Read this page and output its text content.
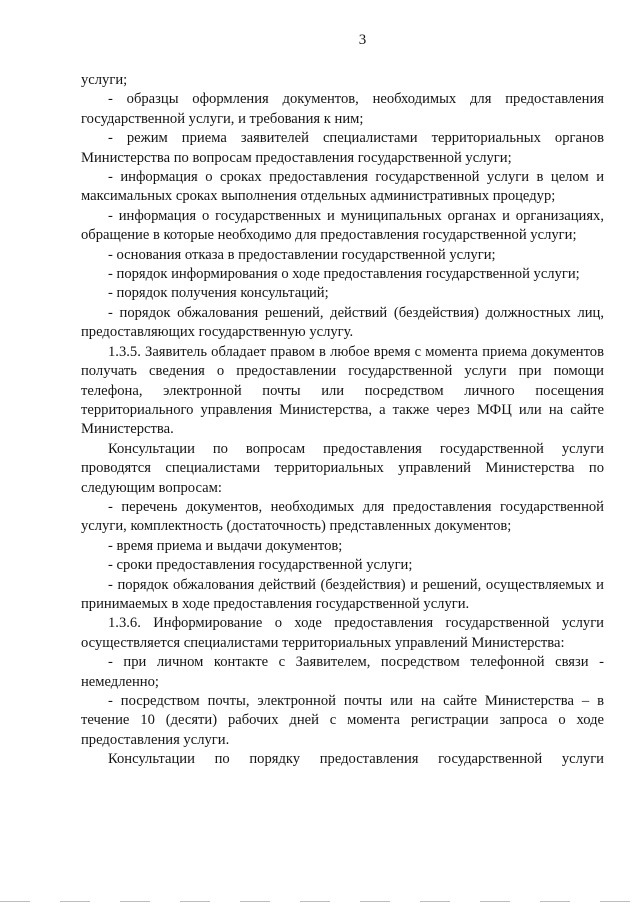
3

услуги;

- образцы оформления документов, необходимых для предоставления государственной услуги, и требования к ним;

- режим приема заявителей специалистами территориальных органов Министерства по вопросам предоставления государственной услуги;

- информация о сроках предоставления государственной услуги в целом и максимальных сроках выполнения отдельных административных процедур;

- информация о государственных и муниципальных органах и организациях, обращение в которые необходимо для предоставления государственной услуги;

- основания отказа в предоставлении государственной услуги;

- порядок информирования о ходе предоставления государственной услуги;

- порядок получения консультаций;

- порядок обжалования решений, действий (бездействия) должностных лиц, предоставляющих государственную услугу.

1.3.5. Заявитель обладает правом в любое время с момента приема документов получать сведения о предоставлении государственной услуги при помощи телефона, электронной почты или посредством личного посещения территориального управления Министерства, а также через МФЦ или на сайте Министерства.

Консультации по вопросам предоставления государственной услуги проводятся специалистами территориальных управлений Министерства по следующим вопросам:

- перечень документов, необходимых для предоставления государственной услуги, комплектность (достаточность) представленных документов;

- время приема и выдачи документов;

- сроки предоставления государственной услуги;

- порядок обжалования действий (бездействия) и решений, осуществляемых и принимаемых в ходе предоставления государственной услуги.

1.3.6. Информирование о ходе предоставления государственной услуги осуществляется специалистами территориальных управлений Министерства:

- при личном контакте с Заявителем, посредством телефонной связи - немедленно;

- посредством почты, электронной почты или на сайте Министерства – в течение 10 (десяти) рабочих дней с момента регистрации запроса о ходе предоставления услуги.

Консультации по порядку предоставления государственной услуги
